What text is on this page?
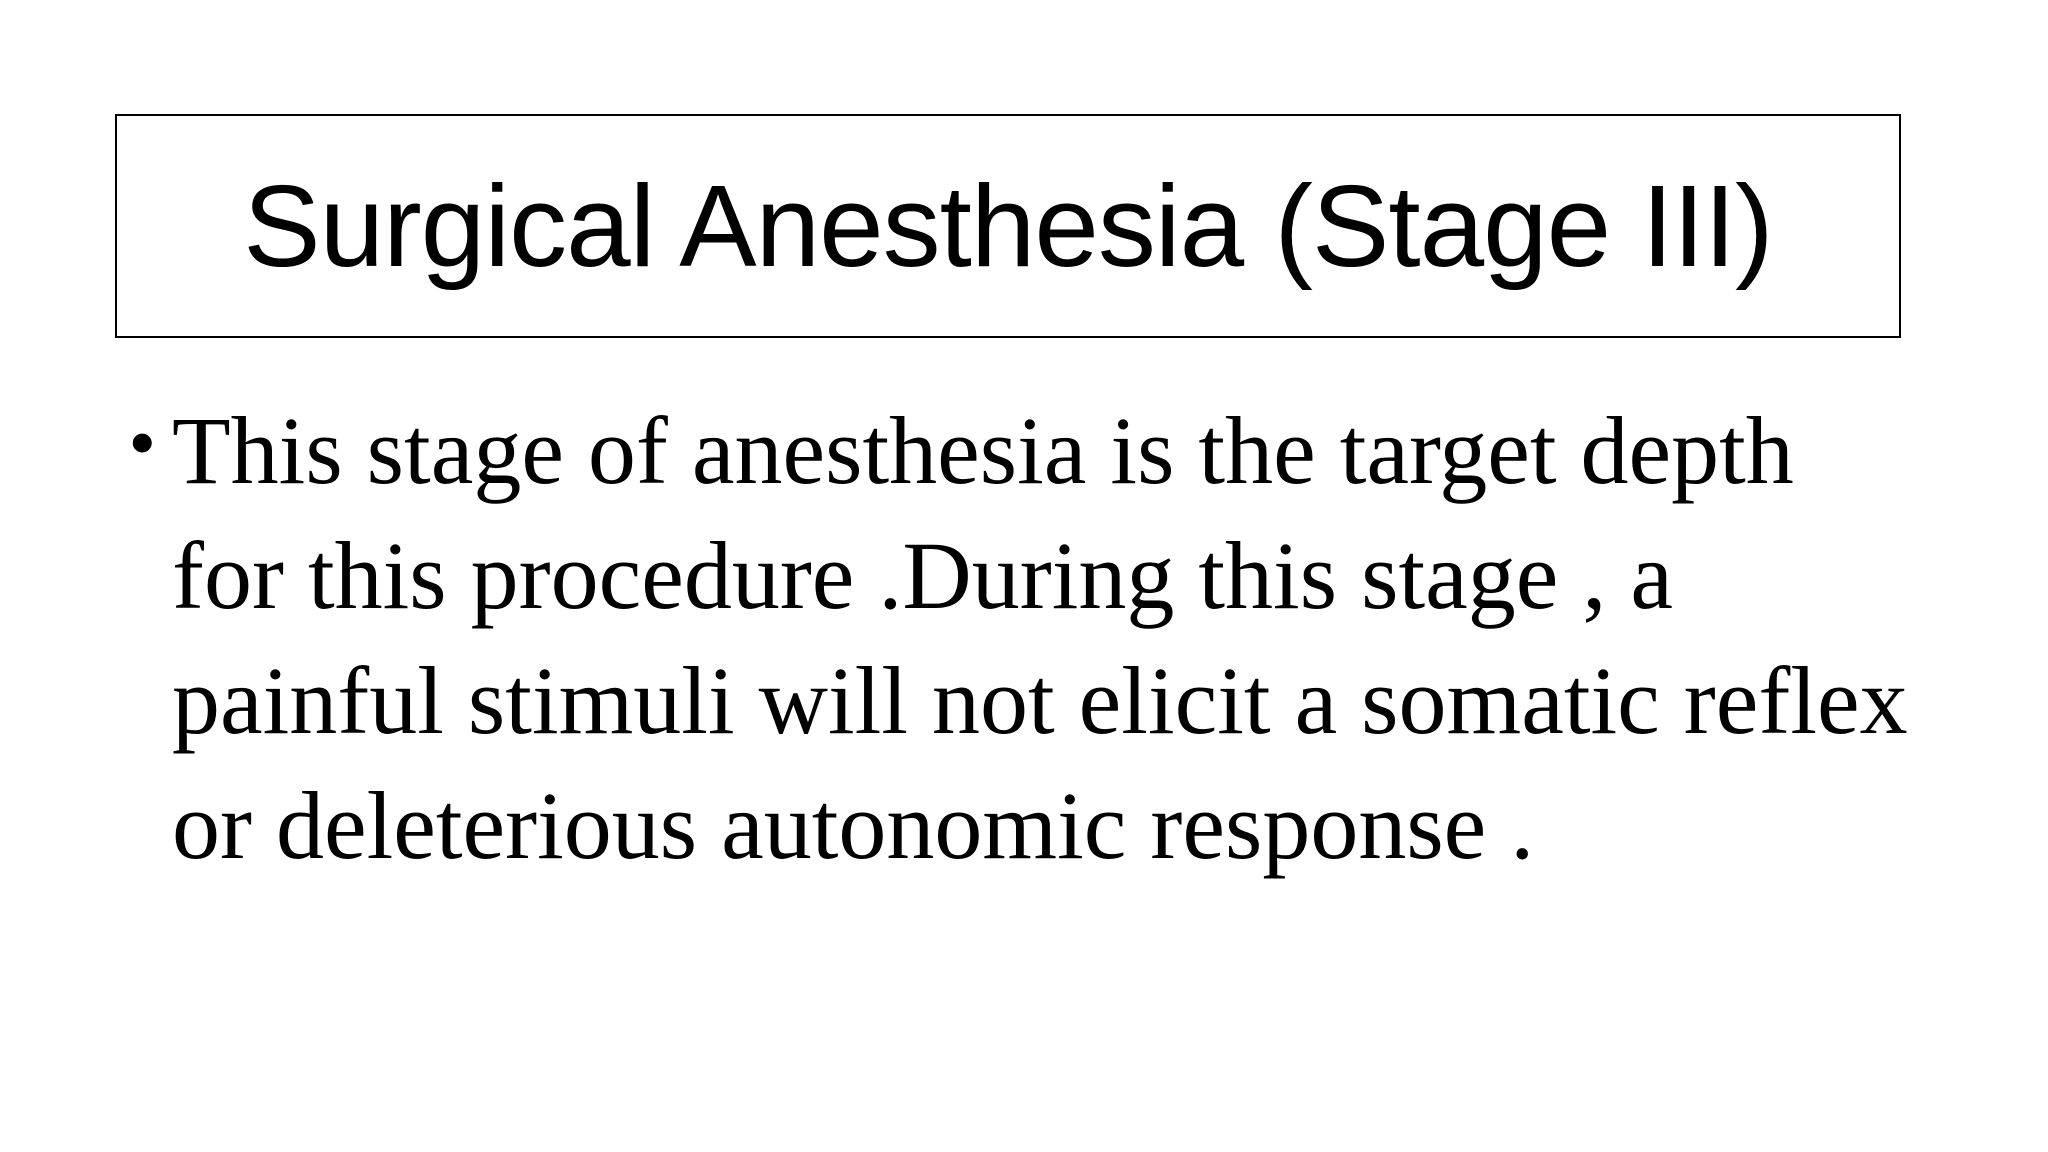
Surgical Anesthesia (Stage III)
• This stage of anesthesia is the target depth for this procedure .During this stage , a painful stimuli will not elicit a somatic reflex or deleterious autonomic response .
